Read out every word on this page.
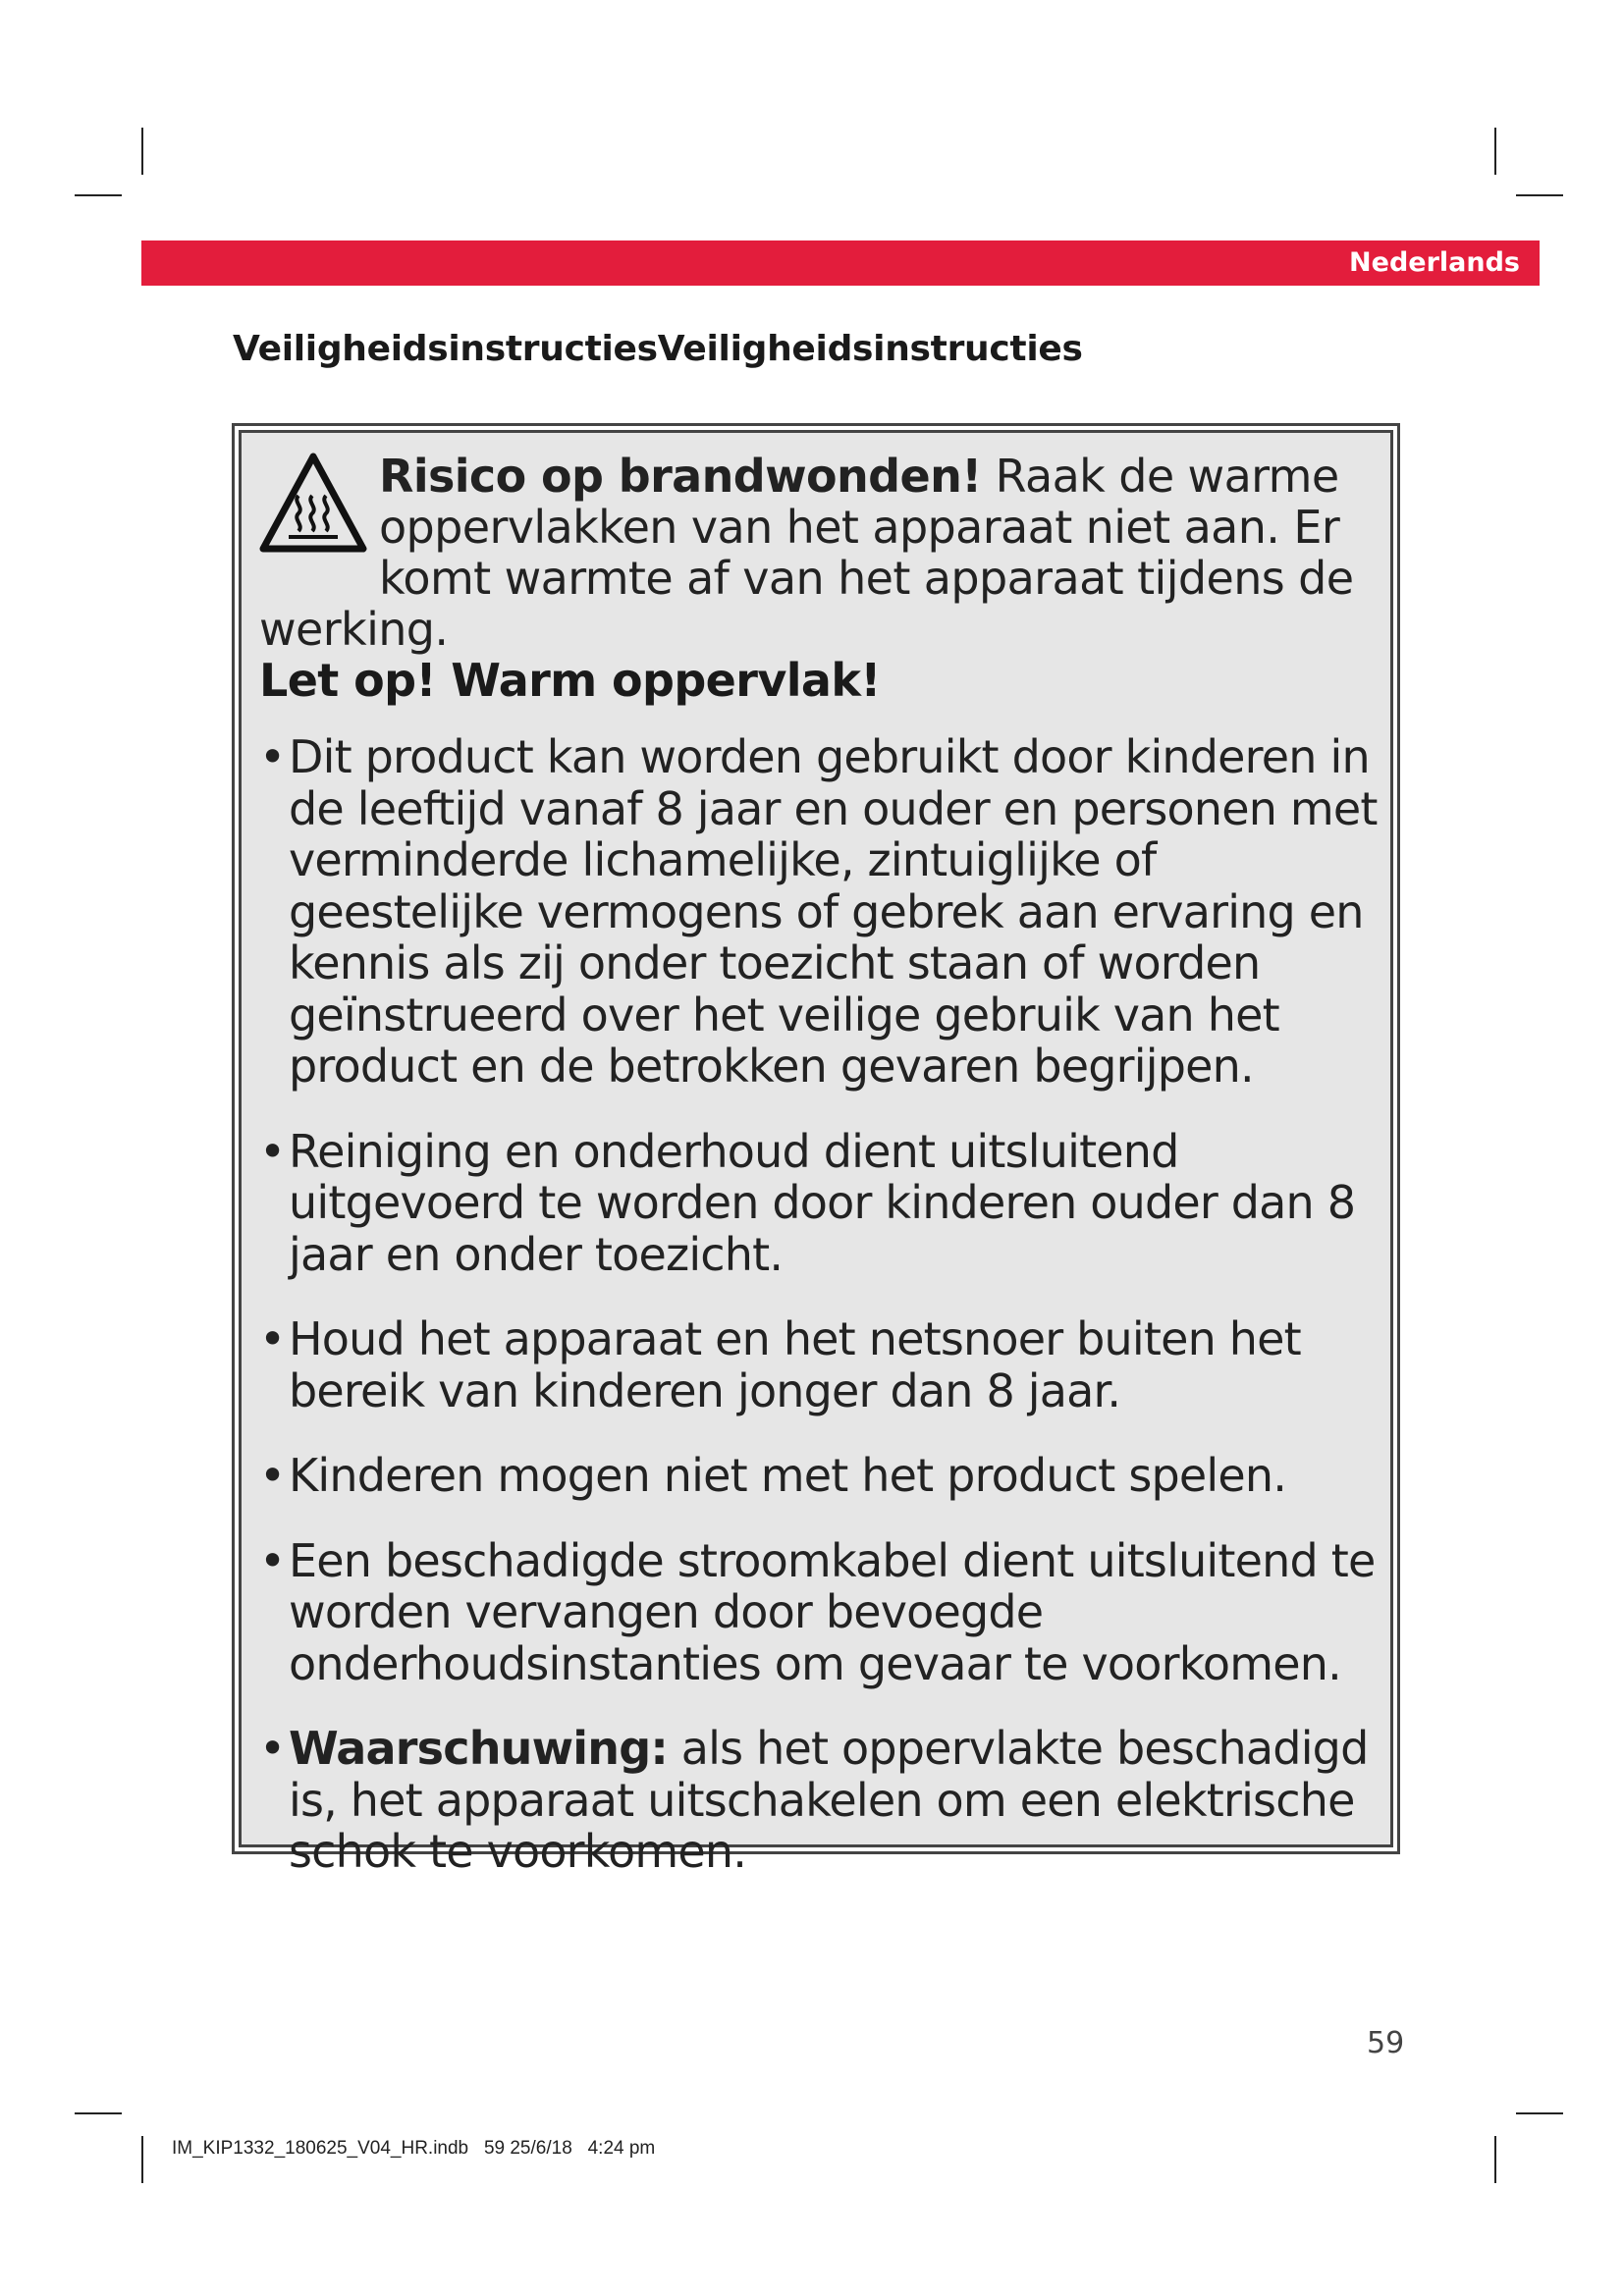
Nederlands
VeiligheidsinstructiesVeiligheidsinstructies
Risico op brandwonden! Raak de warme oppervlakken van het apparaat niet aan. Er komt warmte af van het apparaat tijdens de werking.
Let op! Warm oppervlak!
• Dit product kan worden gebruikt door kinderen in de leeftijd vanaf 8 jaar en ouder en personen met verminderde lichamelijke, zintuiglijke of geestelijke vermogens of gebrek aan ervaring en kennis als zij onder toezicht staan of worden geïnstrueerd over het veilige gebruik van het product en de betrokken gevaren begrijpen.
• Reiniging en onderhoud dient uitsluitend uitgevoerd te worden door kinderen ouder dan 8 jaar en onder toezicht.
• Houd het apparaat en het netsnoer buiten het bereik van kinderen jonger dan 8 jaar.
• Kinderen mogen niet met het product spelen.
• Een beschadigde stroomkabel dient uitsluitend te worden vervangen door bevoegde onderhoudsinstanties om gevaar te voorkomen.
• Waarschuwing: als het oppervlakte beschadigd is, het apparaat uitschakelen om een elektrische schok te voorkomen.
59
IM_KIP1332_180625_V04_HR.indb   59 25/6/18   4:24 pm
